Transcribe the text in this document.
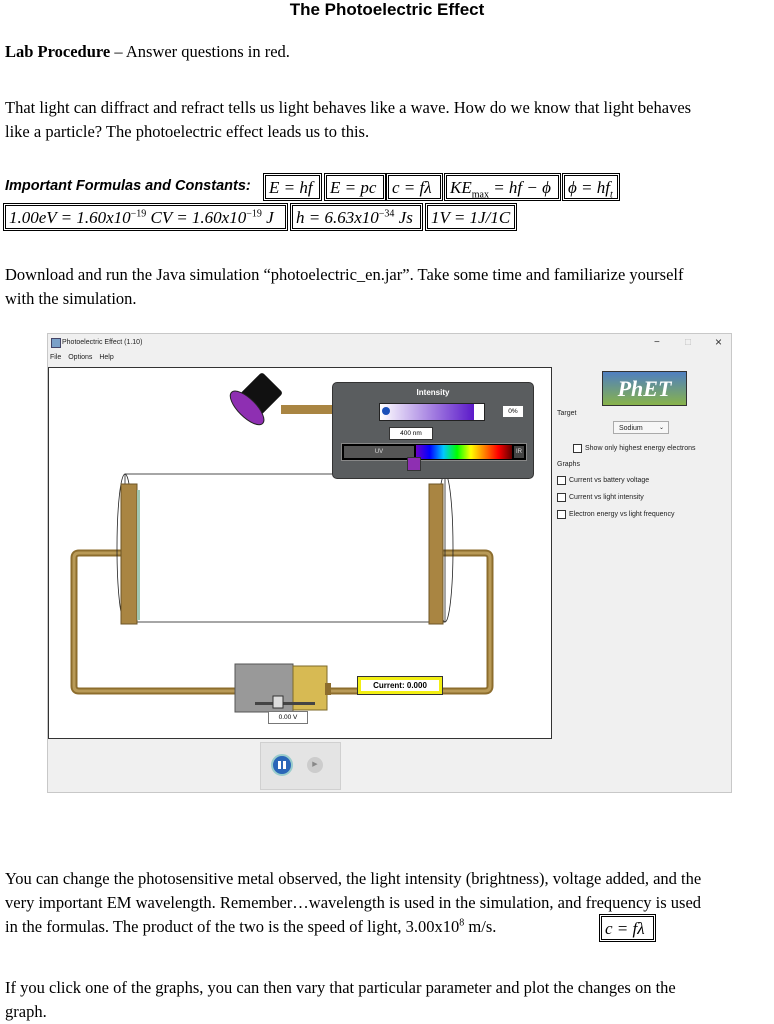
The Photoelectric Effect
Lab Procedure – Answer questions in red.
That light can diffract and refract tells us light behaves like a wave. How do we know that light behaves
like a particle? The photoelectric effect leads us to this.
Important Formulas and Constants: E = hf	E = pc c = fλ	$KE_{max}$ = hf − ϕ	$\phi = hf_t$
$1.00eV = 1.60x10^{-19}$ CV = $1.60x10^{-19}$ J	$h = 6.63x10^{-34}$ Js	1V = 1J/1C
Download and run the Java simulation “photoelectric_en.jar”. Take some time and familiarize yourself
with the simulation.
Photoelectric Effect (1.10)
File Options Help
−	□ ×
Intensity
0%
400 nm
UV	IR
Current: 0.000
0.00 V
PhET
Target
Sodium	⌄
Show only highest energy electrons
Graphs
Current vs battery voltage
Current vs light intensity
Electron energy vs light frequency
▶
You can change the photosensitive metal observed, the light intensity (brightness), voltage added, and the
very important EM wavelength. Remember…wavelength is used in the simulation, and frequency is used
in the formulas. The product of the two is the speed of light, $3.00x10^8$ m/s.	c = fλ
If you click one of the graphs, you can then vary that particular parameter and plot the changes on the
graph.
